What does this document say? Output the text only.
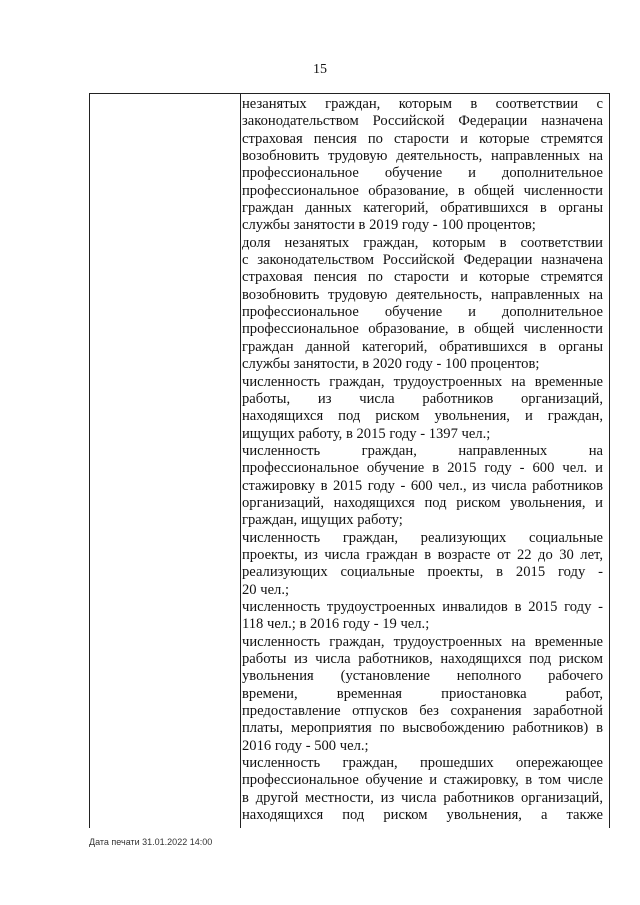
15
незанятых граждан, которым в соответствии с
законодательством Российской Федерации назначена
страховая пенсия по старости и которые стремятся
возобновить трудовую деятельность, направленных на
профессиональное обучение и дополнительное
профессиональное образование, в общей численности
граждан данных категорий, обратившихся в органы
службы занятости в 2019 году - 100 процентов;
доля незанятых граждан, которым в соответствии
с законодательством Российской Федерации назначена
страховая пенсия по старости и которые стремятся
возобновить трудовую деятельность, направленных на
профессиональное обучение и дополнительное
профессиональное образование, в общей численности
граждан данной категорий, обратившихся в органы
службы занятости, в 2020 году - 100 процентов;
численность граждан, трудоустроенных на временные
работы, из числа работников организаций,
находящихся под риском увольнения, и граждан,
ищущих работу, в 2015 году - 1397 чел.;
численность граждан, направленных на
профессиональное обучение в 2015 году - 600 чел. и
стажировку в 2015 году - 600 чел., из числа работников
организаций, находящихся под риском увольнения, и
граждан, ищущих работу;
численность граждан, реализующих социальные
проекты, из числа граждан в возрасте от 22 до 30 лет,
реализующих социальные проекты, в 2015 году -
20 чел.;
численность трудоустроенных инвалидов в 2015 году -
118 чел.; в 2016 году - 19 чел.;
численность граждан, трудоустроенных на временные
работы из числа работников, находящихся под риском
увольнения (установление неполного рабочего
времени, временная приостановка работ,
предоставление отпусков без сохранения заработной
платы, мероприятия по высвобождению работников) в
2016 году - 500 чел.;
численность граждан, прошедших опережающее
профессиональное обучение и стажировку, в том числе
в другой местности, из числа работников организаций,
находящихся под риском увольнения, а также
Дата печати 31.01.2022 14:00
